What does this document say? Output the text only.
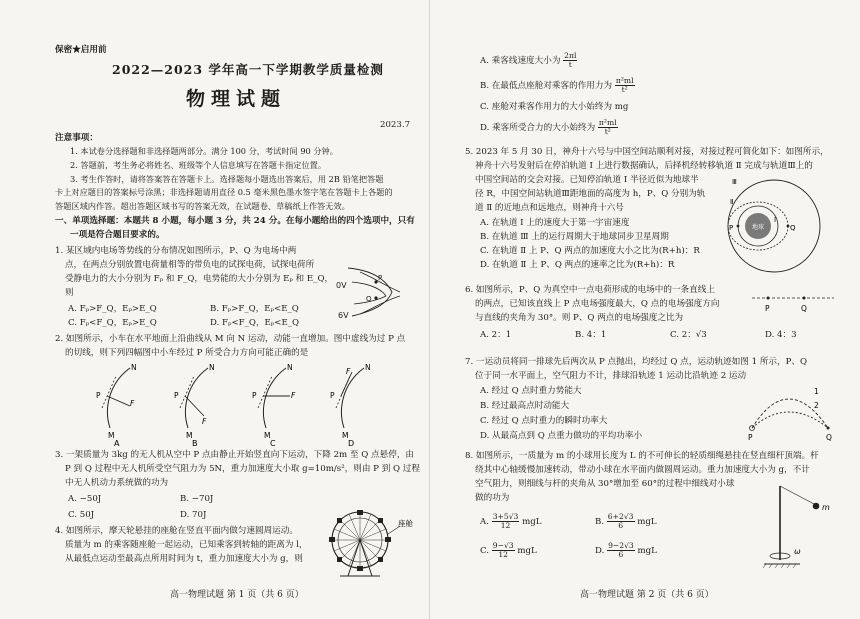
保密★启用前
2022—2023 学年高一下学期教学质量检测
物理试题
2023.7
注意事项：
1. 本试卷分选择题和非选择题两部分。满分 100 分，考试时间 90 分钟。
2. 答题前，考生务必将姓名、班级等个人信息填写在答题卡指定位置。
3. 考生作答时，请将答案答在答题卡上。选择题每小题选出答案后，用 2B 铅笔把答题
卡上对应题目的答案标号涂黑；非选择题请用直径 0.5 毫米黑色墨水签字笔在答题卡上各题的
答题区域内作答。超出答题区域书写的答案无效，在试题卷、草稿纸上作答无效。
一、单项选择题：本题共 8 小题，每小题 3 分，共 24 分。在每小题给出的四个选项中，只有
一项是符合题目要求的。
1. 某区域内电场等势线的分布情况如图所示，P、Q 为电场中两
点，在两点分别放置电荷量相等的带负电的试探电荷，试探电荷所
受静电力的大小分别为 Fₚ 和 F_Q，电势能的大小分别为 Eₚ 和 E_Q，
则
A. Fₚ>F_Q，Eₚ>E_Q	B. Fₚ>F_Q，Eₚ<E_Q
C. Fₚ<F_Q，Eₚ>E_Q	D. Fₚ<F_Q，Eₚ<E_Q
0V
6V
P
Q
2. 如图所示，小车在水平地面上沿曲线从 M 向 N 运动，动能一直增加。图中虚线为过 P 点
的切线，则下列四幅图中小车经过 P 所受合力方向可能正确的是
F
N
P
M
A
F
N
P
M
B
F
N
P
M
C
F N
P
M
D
3. 一架质量为 3kg 的无人机从空中 P 点由静止开始竖直向下运动，下降 2m 至 Q 点悬停，由
P 到 Q 过程中无人机所受空气阻力为 5N，重力加速度大小取 g=10m/s²，则由 P 到 Q 过程
中无人机动力系统做的功为
A. −50J	B. −70J
C. 50J	D. 70J
4. 如图所示，摩天轮悬挂的座舱在竖直平面内做匀速圆周运动。
质量为 m 的乘客随座舱一起运动，已知乘客到转轴的距离为 l，
从最低点运动至最高点所用时间为 t，重力加速度大小为 g，则
座舱
高一物理试题 第 1 页（共 6 页）
A. 乘客线速度大小为 $\frac{2\pi l}{t}$
B. 在最低点座舱对乘客的作用力为 $\frac{\text{π²ml}}{\text{t²}}$
C. 座舱对乘客作用力的大小始终为 mg
D. 乘客所受合力的大小始终为 $\frac{\text{π²ml}}{\text{t²}}$
5. 2023 年 5 月 30 日，神舟十六号与中国空间站顺利对接，对接过程可简化如下：如图所示，
神舟十六号发射后在停泊轨道 Ⅰ 上进行数据确认，后择机经转移轨道 Ⅱ 完成与轨道Ⅲ上的
中国空间站的交会对接。已知停泊轨道 Ⅰ 半径近似为地球半
径 R，中国空间站轨道Ⅲ距地面的高度为 h，P、Q 分别为轨
道 Ⅱ 的近地点和远地点，则神舟十六号
A. 在轨道 Ⅰ 上的速度大于第一宇宙速度
B. 在轨道 Ⅲ 上的运行周期大于地球同步卫星周期
C. 在轨道 Ⅱ 上 P、Q 两点的加速度大小之比为(R+h)：R
D. 在轨道 Ⅱ 上 P、Q 两点的速率之比为(R+h)：R
地球
Ⅲ
Ⅱ
Ⅰ
P	Q
6. 如图所示，P、Q 为真空中一点电荷形成的电场中的一条直线上
的两点，已知该直线上 P 点电场强度最大，Q 点的电场强度方向
与直线的夹角为 30°。则 P、Q 两点的电场强度之比为
A. 2：1	B. 4：1	C. 2：√3	D. 4：3
P	Q
7. 一运动员将同一排球先后两次从 P 点抛出，均经过 Q 点，运动轨迹如图 1 所示，P、Q
位于同一水平面上，空气阻力不计，排球沿轨迹 1 运动比沿轨迹 2 运动
A. 经过 Q 点时重力势能大
B. 经过最高点时动能大
C. 经过 Q 点时重力的瞬时功率大
D. 从最高点到 Q 点重力做功的平均功率小
1
2
P	Q
8. 如图所示，一质量为 m 的小球用长度为 L 的不可伸长的轻质细绳悬挂在竖直细杆顶端。杆
绕其中心轴缓慢加速转动，带动小球在水平面内做圆周运动。重力加速度大小为 g，不计
空气阻力，则细线与杆的夹角从 30°增加至 60°的过程中细线对小球
做的功为
A. $\frac{3+5√3}{12}$ mgL	B. $\frac{6+2√3}{6}$ mgL
C. $\frac{9-√3}{12}$ mgL	D. $\frac{9-2√3}{6}$ mgL
m
ω
高一物理试题 第 2 页（共 6 页）
